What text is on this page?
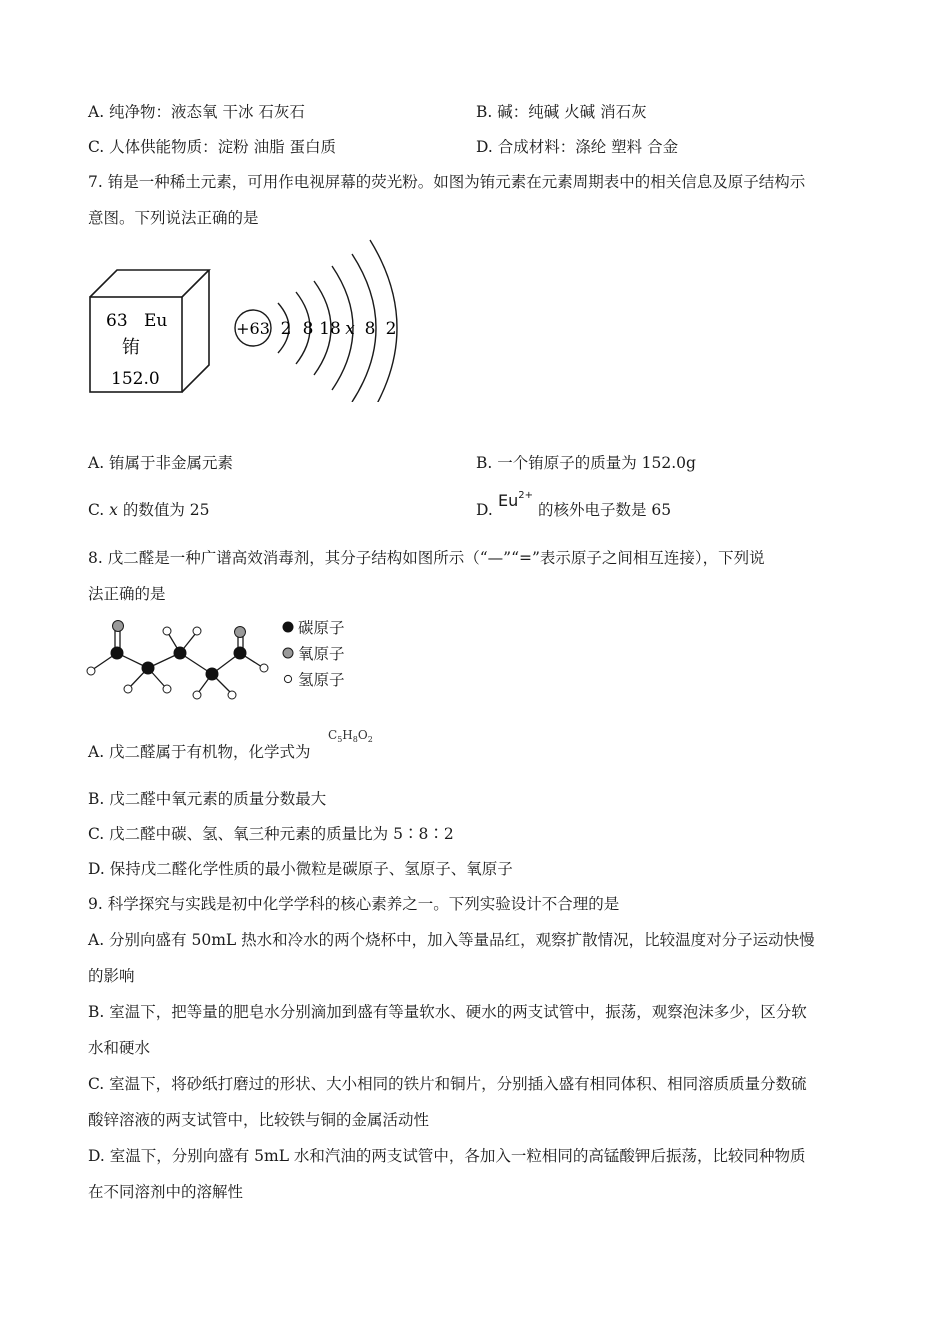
A. 纯净物：液态氧 干冰 石灰石	B. 碱：纯碱 火碱 消石灰
C. 人体供能物质：淀粉 油脂 蛋白质	D. 合成材料：涤纶 塑料 合金
7. 铕是一种稀土元素，可用作电视屏幕的荧光粉。如图为铕元素在元素周期表中的相关信息及原子结构示
意图。下列说法正确的是
63 Eu
铕
152.0
+63 2 8 18 x 8 2
A. 铕属于非金属元素	B. 一个铕原子的质量为 152.0g
C. x 的数值为 25	D. $Eu^{2+}$
的核外电子数是 65
8. 戊二醛是一种广谱高效消毒剂，其分子结构如图所示（“—”“=”表示原子之间相互连接），下列说
法正确的是
碳原子
氧原子
氢原子
A. 戊二醛属于有机物，化学式为
$C_5H_8O_2$
B. 戊二醛中氧元素的质量分数最大
C. 戊二醛中碳、氢、氧三种元素的质量比为 5∶8∶2
D. 保持戊二醛化学性质的最小微粒是碳原子、氢原子、氧原子
9. 科学探究与实践是初中化学学科的核心素养之一。下列实验设计不合理的是
A. 分别向盛有 50mL 热水和冷水的两个烧杯中，加入等量品红，观察扩散情况，比较温度对分子运动快慢
的影响
B. 室温下，把等量的肥皂水分别滴加到盛有等量软水、硬水的两支试管中，振荡，观察泡沫多少，区分软
水和硬水
C. 室温下，将砂纸打磨过的形状、大小相同的铁片和铜片，分别插入盛有相同体积、相同溶质质量分数硫
酸锌溶液的两支试管中，比较铁与铜的金属活动性
D. 室温下，分别向盛有 5mL 水和汽油的两支试管中，各加入一粒相同的高锰酸钾后振荡，比较同种物质
在不同溶剂中的溶解性
